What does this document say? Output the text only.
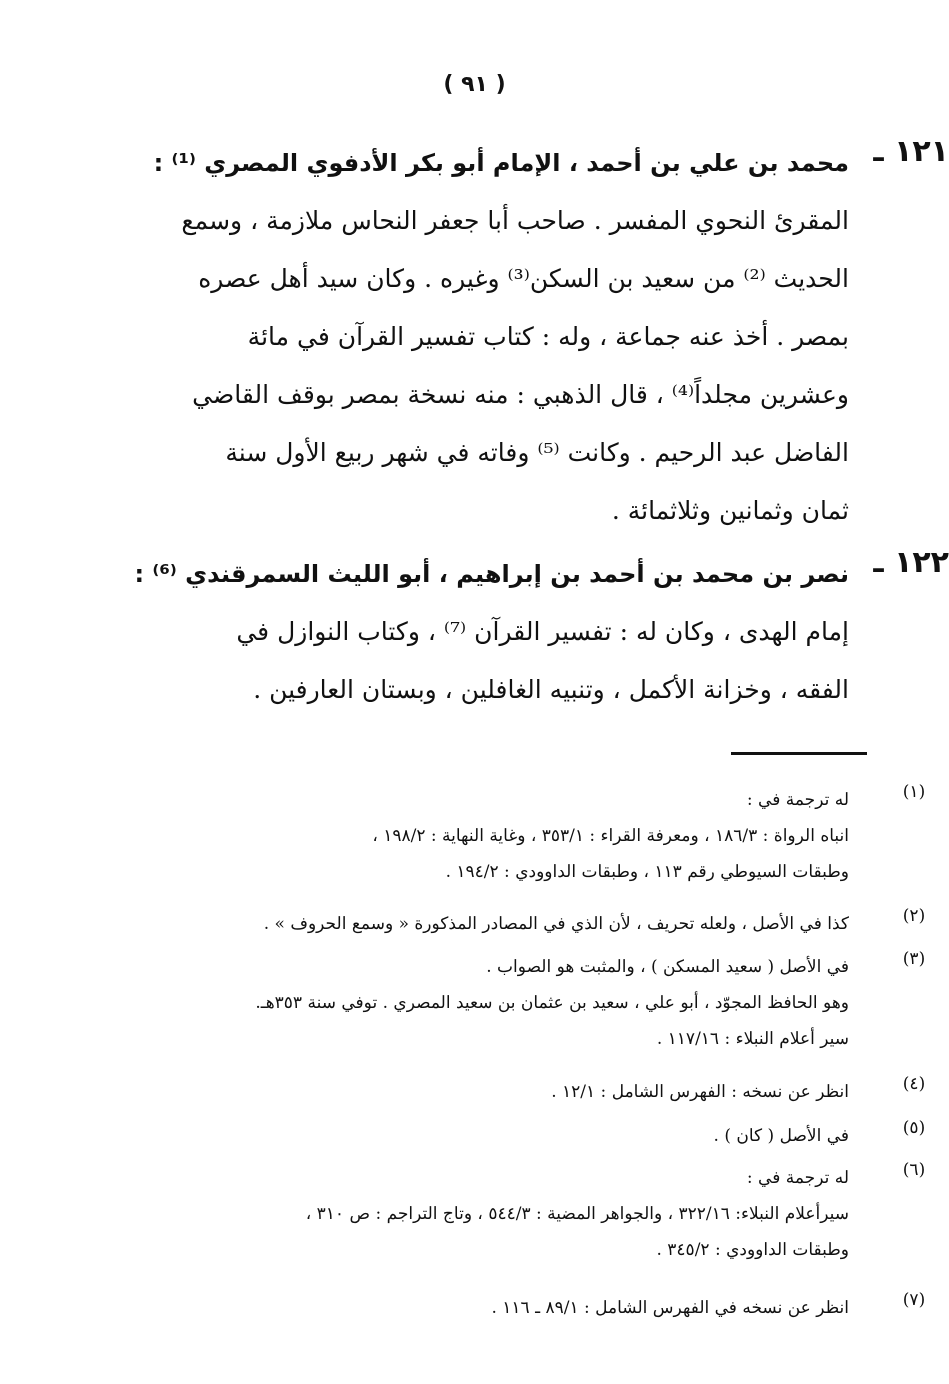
( ٩١ )
١٢١ ـ
محمد بن علي بن أحمد ، الإمام أبو بكر الأدفوي المصري ⁽¹⁾ :

المقرئ النحوي المفسر . صاحب أبا جعفر النحاس ملازمة ، وسمع

الحديث ⁽²⁾ من سعيد بن السكن⁽³⁾ وغيره . وكان سيد أهل عصره

بمصر . أخذ عنه جماعة ، وله : كتاب تفسير القرآن في مائة

وعشرين مجلداً⁽⁴⁾ ، قال الذهبي : منه نسخة بمصر بوقف القاضي

الفاضل عبد الرحيم . وكانت ⁽⁵⁾ وفاته في شهر ربيع الأول سنة

ثمان وثمانين وثلاثمائة .

١٢٢ ـ
نصر بن محمد بن أحمد بن إبراهيم ، أبو الليث السمرقندي ⁽⁶⁾ :

إمام الهدى ، وكان له : تفسير القرآن ⁽⁷⁾ ، وكتاب النوازل في

الفقه ، وخزانة الأكمل ، وتنبيه الغافلين ، وبستان العارفين .

(١)
له ترجمة في :
انباه الرواة : ١٨٦/٣ ، ومعرفة القراء : ٣٥٣/١ ، وغاية النهاية : ١٩٨/٢ ،
وطبقات السيوطي رقم ١١٣ ، وطبقات الداوودي : ١٩٤/٢ .
(٢)
كذا في الأصل ، ولعله تحريف ، لأن الذي في المصادر المذكورة « وسمع الحروف » .
(٣)
في الأصل ( سعيد المسكن ) ، والمثبت هو الصواب .
وهو الحافظ المجوّد ، أبو علي ، سعيد بن عثمان بن سعيد المصري . توفي سنة ٣٥٣هـ.
سير أعلام النبلاء : ١١٧/١٦ .
(٤)
انظر عن نسخه : الفهرس الشامل : ١٢/١ .
(٥)
في الأصل ( كان ) .
(٦)
له ترجمة في :
سيرأعلام النبلاء: ٣٢٢/١٦ ، والجواهر المضية : ٥٤٤/٣ ، وتاج التراجم : ص ٣١٠ ،
وطبقات الداوودي : ٣٤٥/٢ .
(٧)
انظر عن نسخه في الفهرس الشامل : ٨٩/١ ـ ١١٦ .
